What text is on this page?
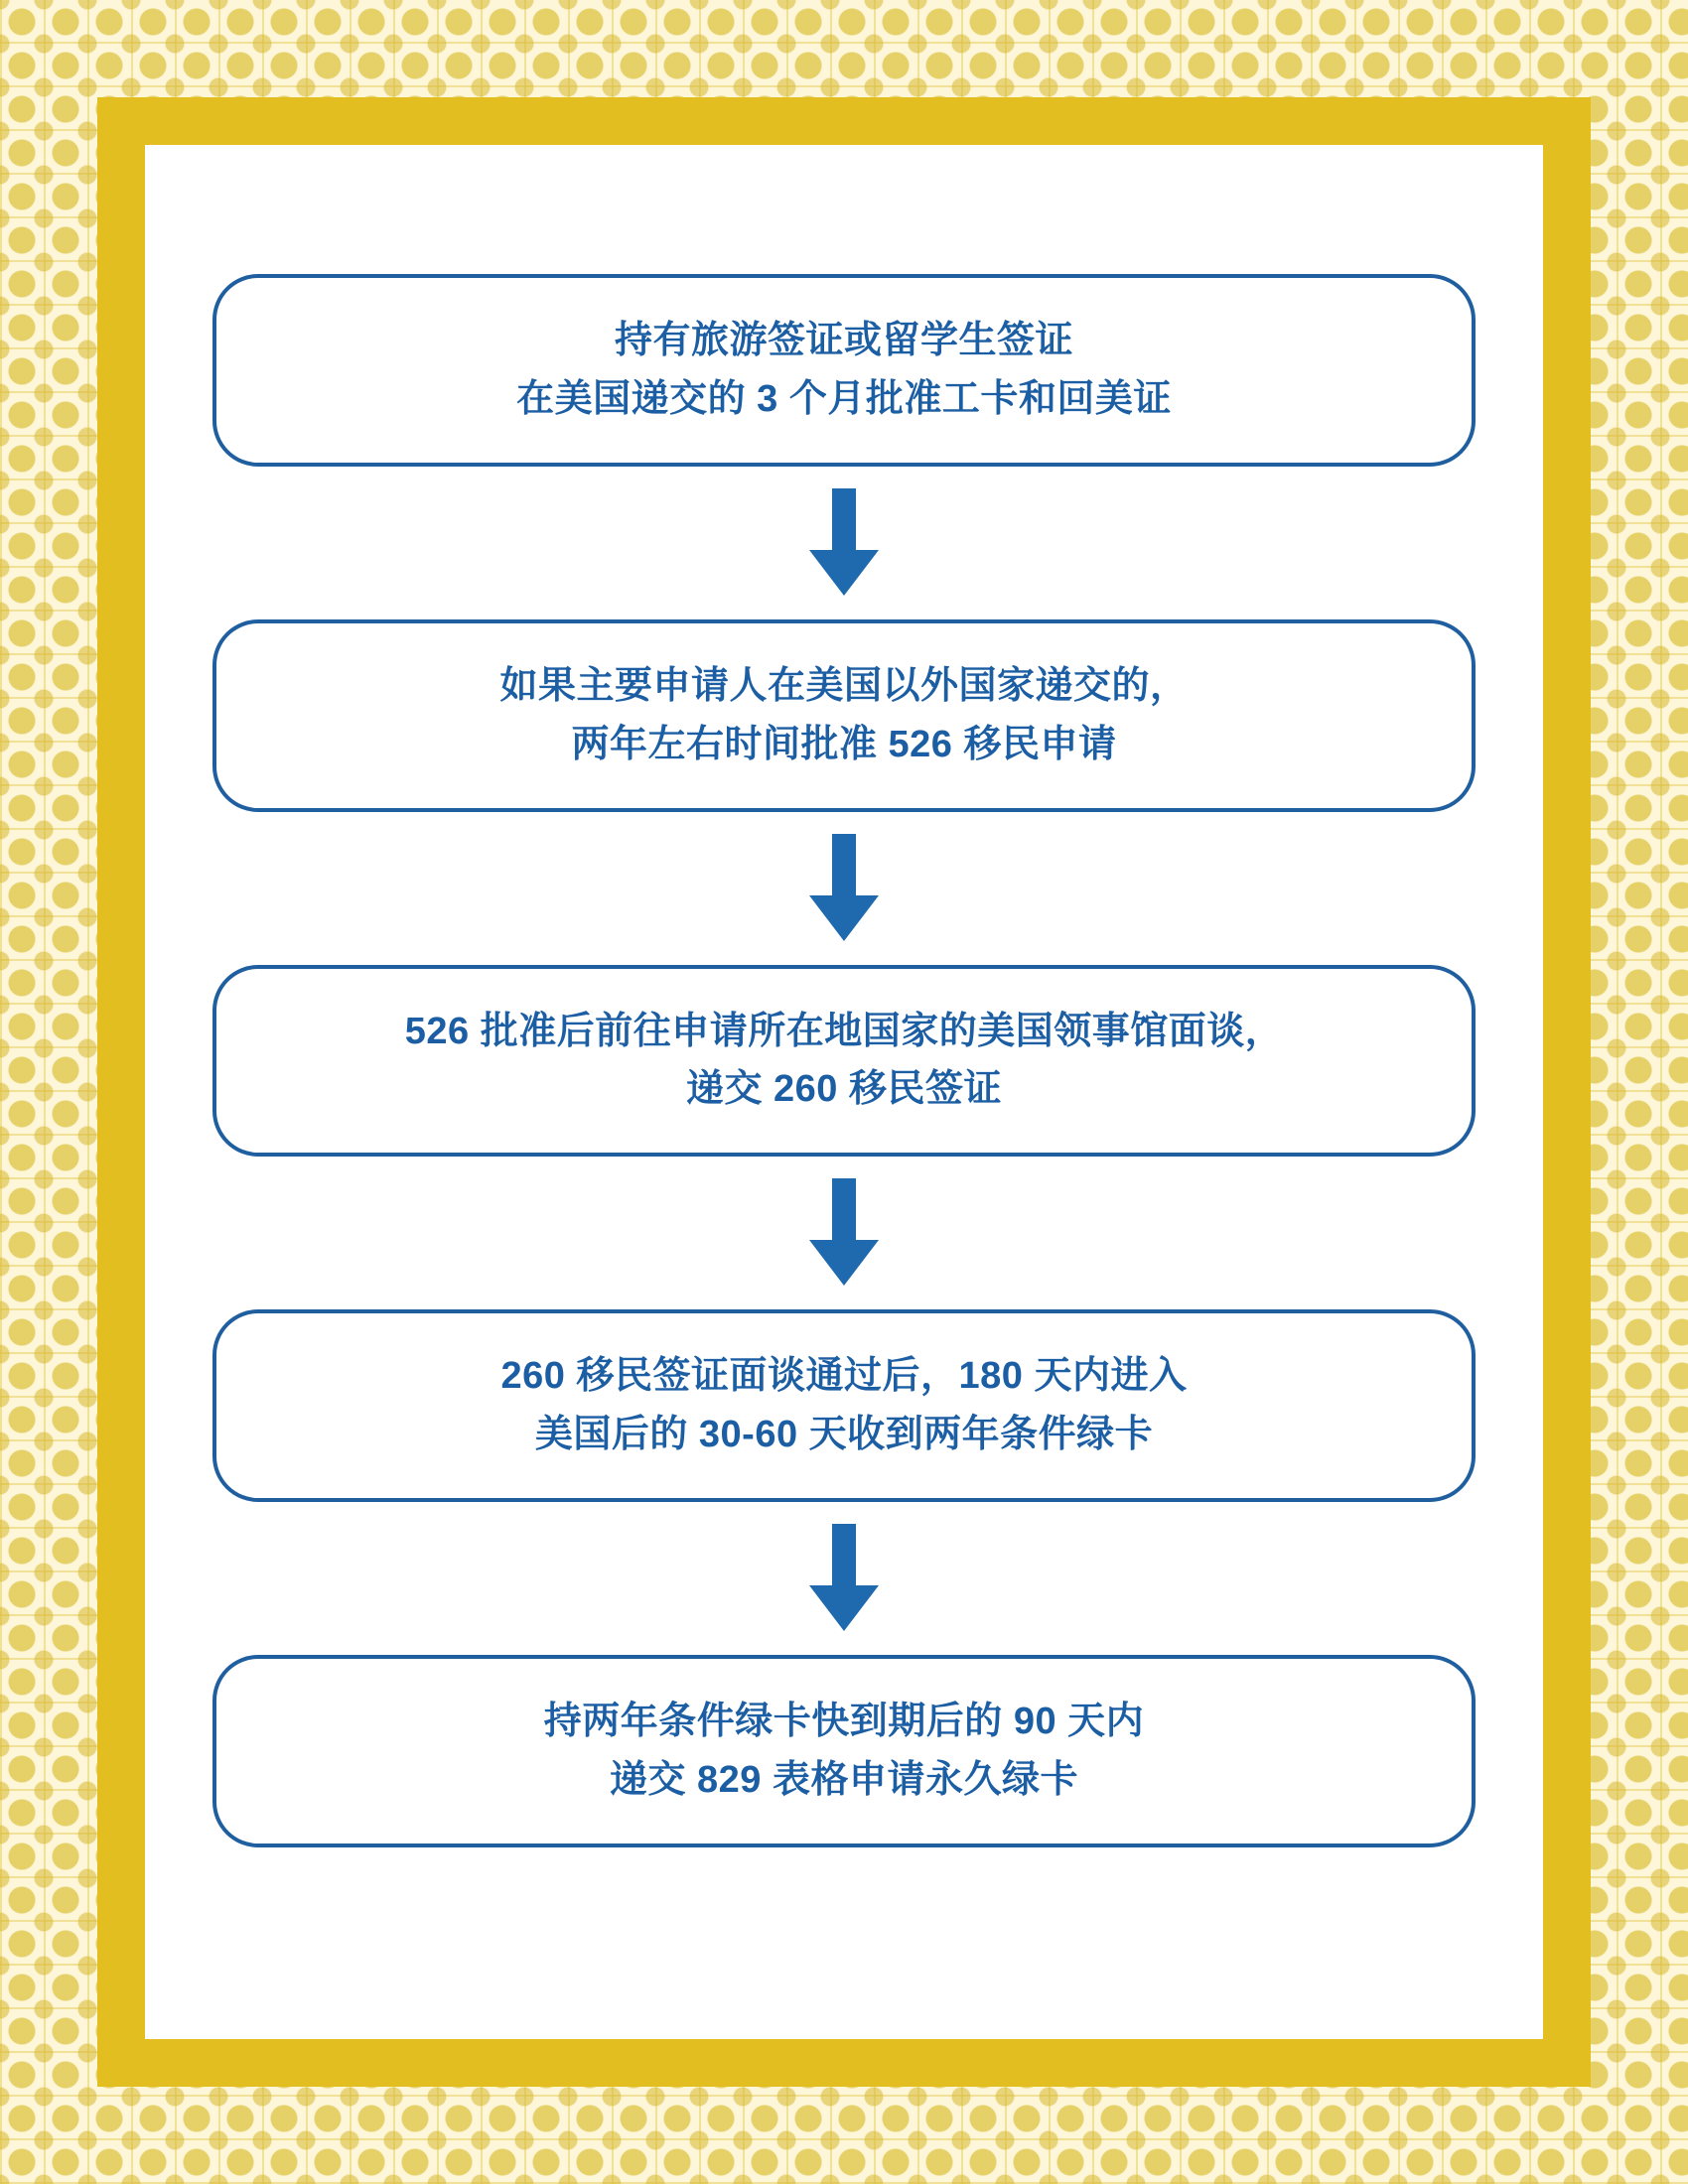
持有旅游签证或留学生签证
在美国递交的 3 个月批准工卡和回美证
如果主要申请人在美国以外国家递交的，
两年左右时间批准 526 移民申请
526 批准后前往申请所在地国家的美国领事馆面谈，
递交 260 移民签证
260 移民签证面谈通过后，180 天内进入
美国后的 30-60 天收到两年条件绿卡
持两年条件绿卡快到期后的 90 天内
递交 829 表格申请永久绿卡
